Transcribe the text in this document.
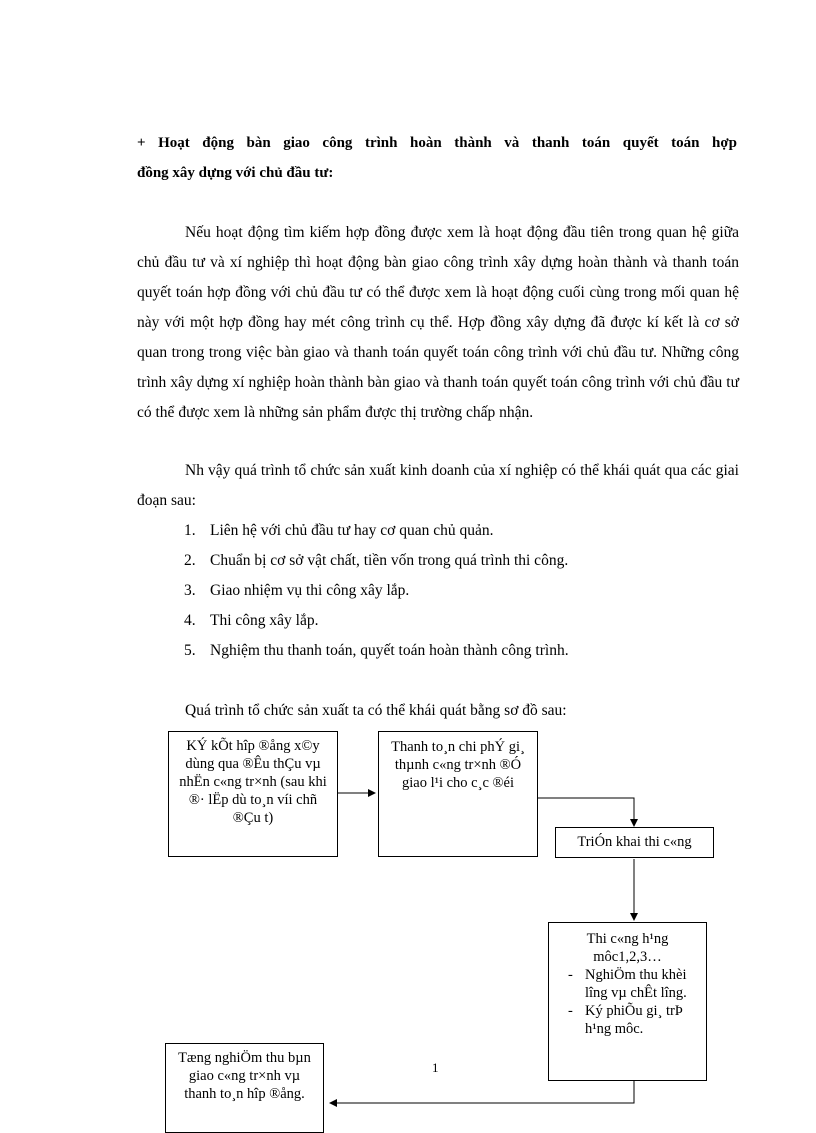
+ Hoạt động bàn giao công trình hoàn thành và thanh toán quyết toán hợp
đồng xây dựng với chủ đầu tư:
Nếu hoạt động tìm kiếm hợp đồng được xem là hoạt động đầu tiên trong quan hệ giữa chủ đầu tư và xí nghiệp thì hoạt động bàn giao công trình xây dựng hoàn thành và thanh toán quyết toán hợp đồng với chủ đầu tư có thể được xem là hoạt động cuối cùng trong mối quan hệ này với một hợp đồng hay mét công trình cụ thể. Hợp đồng xây dựng đã được kí kết là cơ sở quan trong trong việc bàn giao và thanh toán quyết toán công trình với chủ đầu tư. Những công trình xây dựng xí nghiệp hoàn thành bàn giao và thanh toán quyết toán công trình với chủ đầu tư có thể được xem là những sản phẩm được thị trường chấp nhận.
Nh vậy quá trình tổ chức sản xuất kinh doanh của xí nghiệp có thể khái quát qua các giai đoạn sau:
1. Liên hệ với chủ đầu tư hay cơ quan chủ quản.
2. Chuẩn bị cơ sở vật chất, tiền vốn trong quá trình thi công.
3. Giao nhiệm vụ thi công xây lắp.
4. Thi công xây lắp.
5. Nghiệm thu thanh toán, quyết toán hoàn thành công trình.
Quá trình tổ chức sản xuất ta có thể khái quát bằng sơ đồ sau:
KÝ kÕt hîp ®ång x©y dùng qua ®Êu thÇu vµ nhËn c«ng tr×nh (sau khi ®· lËp dù to¸n víi chñ ®Çu t)
Thanh to¸n chi phÝ gi¸ thµnh c«ng tr×nh ®Ó giao l¹i cho c¸c ®éi
TriÓn khai thi c«ng
Thi c«ng h¹ng môc1,2,3…
- NghiÖm thu khèi lîng vµ chÊt lîng.
- Ký phiÕu gi¸ trÞ h¹ng môc.
Tæng nghiÖm thu bµn giao c«ng tr×nh vµ thanh to¸n hîp ®ång.
1
